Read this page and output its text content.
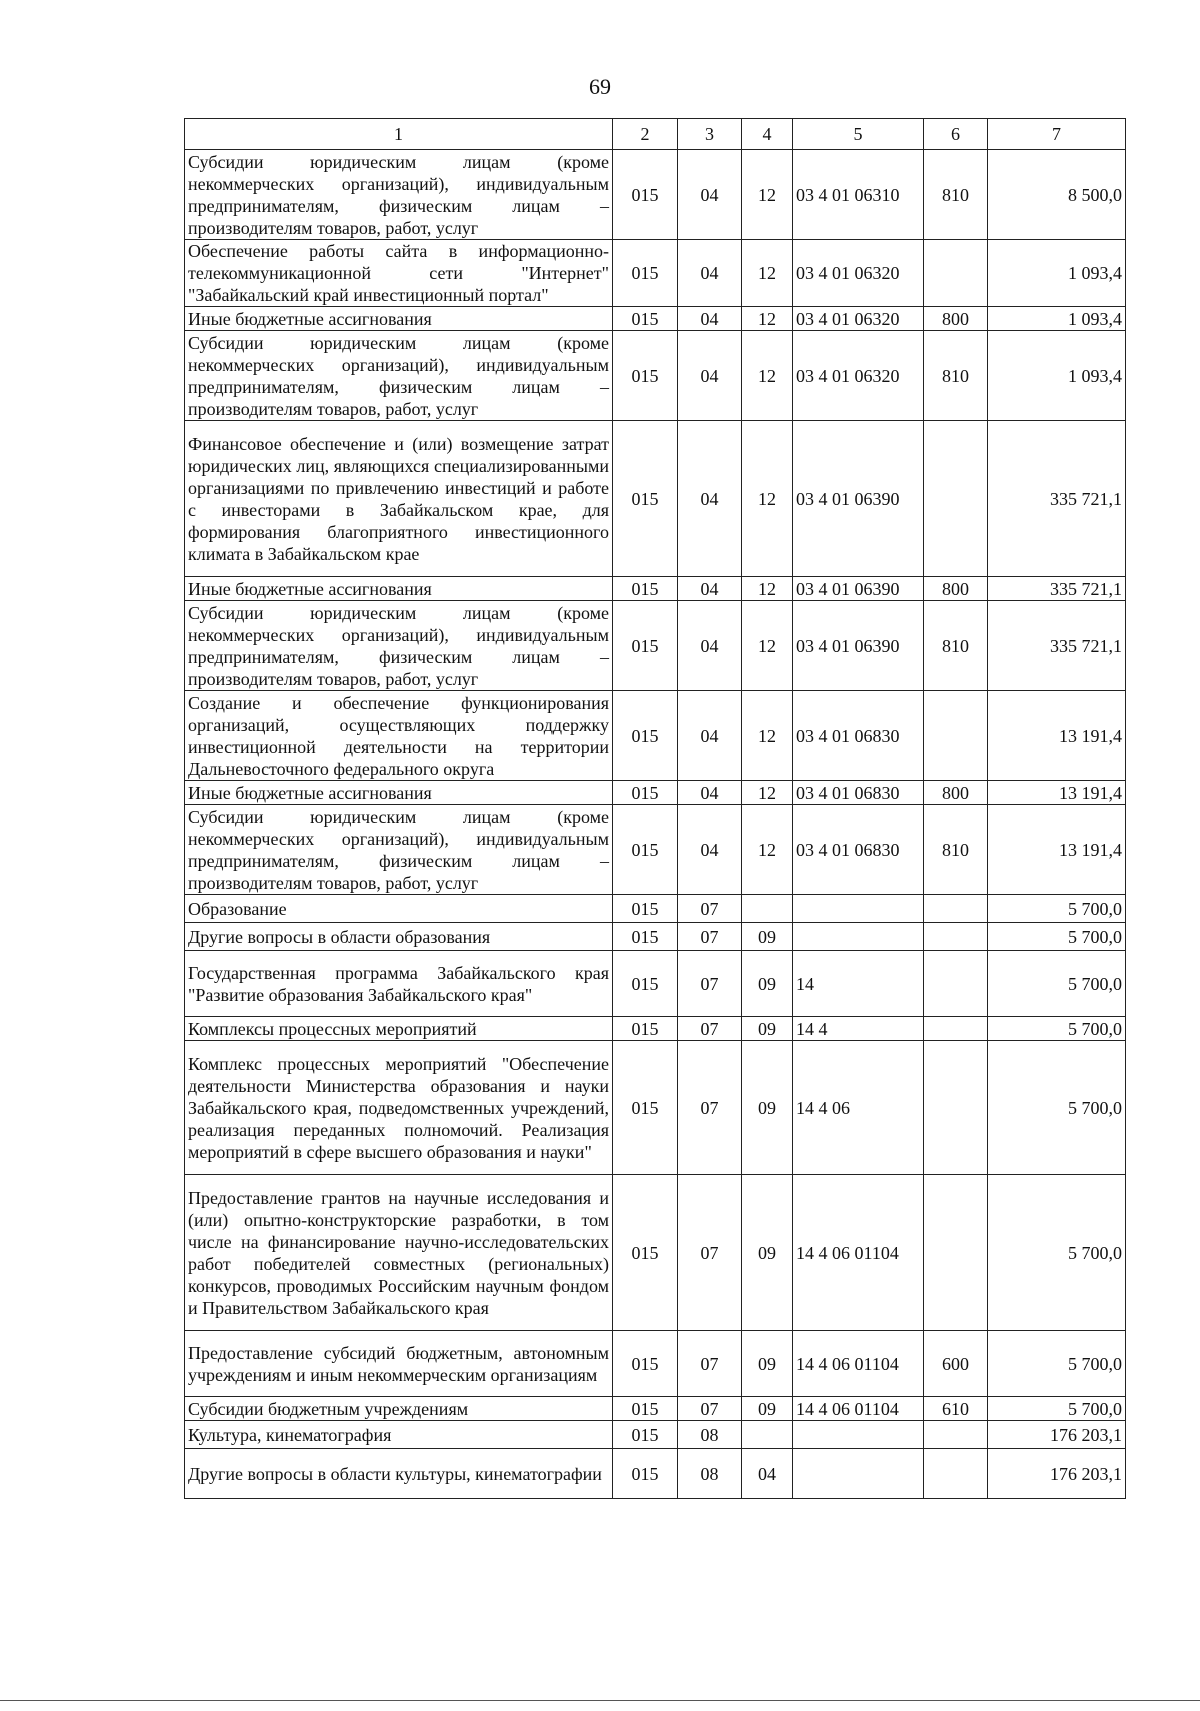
69
1	2	3	4	5	6	7
Субсидии юридическим лицам (кроме некоммерческих организаций), индивидуальным предпринимателям, физическим лицам – производителям товаров, работ, услуг	015	04	12	03 4 01 06310	810	8 500,0
Обеспечение работы сайта в информационно-телекоммуникационной сети "Интернет" "Забайкальский край инвестиционный портал"	015	04	12	03 4 01 06320		1 093,4
Иные бюджетные ассигнования	015	04	12	03 4 01 06320	800	1 093,4
Субсидии юридическим лицам (кроме некоммерческих организаций), индивидуальным предпринимателям, физическим лицам – производителям товаров, работ, услуг	015	04	12	03 4 01 06320	810	1 093,4
Финансовое обеспечение и (или) возмещение затрат юридических лиц, являющихся специализированными организациями по привлечению инвестиций и работе с инвесторами в Забайкальском крае, для формирования благоприятного инвестиционного климата в Забайкальском крае	015	04	12	03 4 01 06390		335 721,1
Иные бюджетные ассигнования	015	04	12	03 4 01 06390	800	335 721,1
Субсидии юридическим лицам (кроме некоммерческих организаций), индивидуальным предпринимателям, физическим лицам – производителям товаров, работ, услуг	015	04	12	03 4 01 06390	810	335 721,1
Создание и обеспечение функционирования организаций, осуществляющих поддержку инвестиционной деятельности на территории Дальневосточного федерального округа	015	04	12	03 4 01 06830		13 191,4
Иные бюджетные ассигнования	015	04	12	03 4 01 06830	800	13 191,4
Субсидии юридическим лицам (кроме некоммерческих организаций), индивидуальным предпринимателям, физическим лицам – производителям товаров, работ, услуг	015	04	12	03 4 01 06830	810	13 191,4
Образование	015	07				5 700,0
Другие вопросы в области образования	015	07	09			5 700,0
Государственная программа Забайкальского края "Развитие образования Забайкальского края"	015	07	09	14		5 700,0
Комплексы процессных мероприятий	015	07	09	14 4		5 700,0
Комплекс процессных мероприятий "Обеспечение деятельности Министерства образования и науки Забайкальского края, подведомственных учреждений, реализация переданных полномочий. Реализация мероприятий в сфере высшего образования и науки"	015	07	09	14 4 06		5 700,0
Предоставление грантов на научные исследования и (или) опытно-конструкторские разработки, в том числе на финансирование научно-исследовательских работ победителей совместных (региональных) конкурсов, проводимых Российским научным фондом и Правительством Забайкальского края	015	07	09	14 4 06 01104		5 700,0
Предоставление субсидий бюджетным, автономным учреждениям и иным некоммерческим организациям	015	07	09	14 4 06 01104	600	5 700,0
Субсидии бюджетным учреждениям	015	07	09	14 4 06 01104	610	5 700,0
Культура, кинематография	015	08				176 203,1
Другие вопросы в области культуры, кинематографии	015	08	04			176 203,1
